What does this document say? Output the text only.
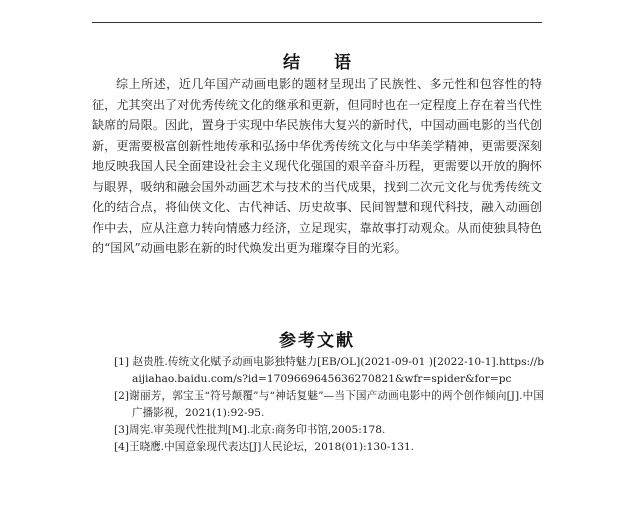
结 语

综上所述，近几年国产动画电影的题材呈现出了民族性、多元性和包容性的特征，尤其突出了对优秀传统文化的继承和更新，但同时也在一定程度上存在着当代性缺席的局限。因此，置身于实现中华民族伟大复兴的新时代，中国动画电影的当代创新，更需要极富创新性地传承和弘扬中华优秀传统文化与中华美学精神，更需要深刻地反映我国人民全面建设社会主义现代化强国的艰辛奋斗历程，更需要以开放的胸怀与眼界，吸纳和融会国外动画艺术与技术的当代成果，找到二次元文化与优秀传统文化的结合点，将仙侠文化、古代神话、历史故事、民间智慧和现代科技，融入动画创作中去，应从注意力转向情感力经济，立足现实，靠故事打动观众。从而使独具特色的“国风”动画电影在新的时代焕发出更为璀璨夺目的光彩。

参考文献
[1] 赵贵胜.传统文化赋予动画电影独特魅力[EB/OL](2021-09-01 )[2022-10-1].https://baijiahao.baidu.com/s?id=1709669645636270821&wfr=spider&for=pc
[2]谢丽芳，郭宝玉“符号颠覆”与“神话复魅”—当下国产动画电影中的两个创作倾向[J].中国广播影视，2021(1):92-95.
[3]周宪.审美现代性批判[M].北京:商务印书馆,2005:178.
[4]王晓鹰.中国意象现代表达[J]人民论坛，2018(01):130-131.
